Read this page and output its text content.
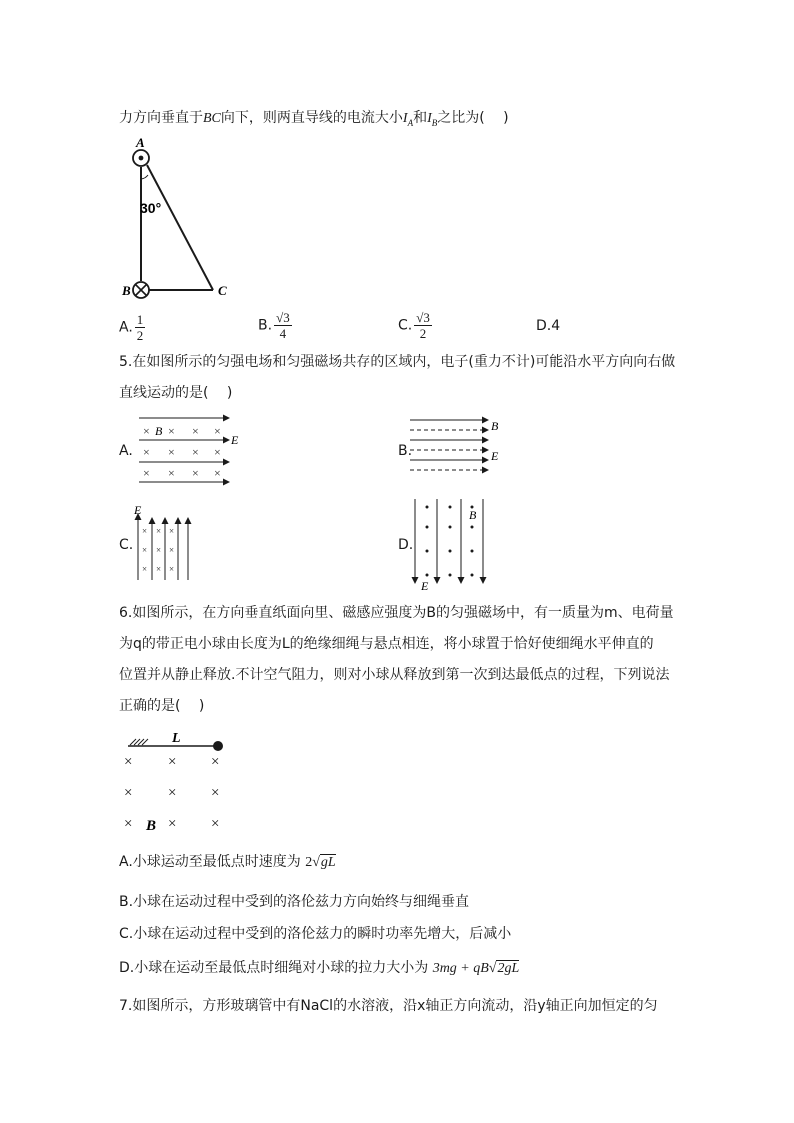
力方向垂直于BC向下，则两直导线的电流大小$I_A$和$I_B$之比为(　 )
A
B	C
30°
A. $\frac{1}{2}$	B. $\frac{√3}{4}$	C. $\frac{√3}{2}$	D.4
5.在如图所示的匀强电场和匀强磁场共存的区域内，电子(重力不计)可能沿水平方向向右做
直线运动的是(　 )
A.
× × × ×
× × × ×
× × × ×
B
E
B.
B
E
C.
× × ×
× × ×
× × ×
E
D.
B
E
6.如图所示，在方向垂直纸面向里、磁感应强度为B的匀强磁场中，有一质量为m、电荷量
为q的带正电小球由长度为L的绝缘细绳与悬点相连，将小球置于恰好使细绳水平伸直的
位置并从静止释放.不计空气阻力，则对小球从释放到第一次到达最低点的过程，下列说法
正确的是(　 )
L
× × ×
× × ×
× × ×
B
A.小球运动至最低点时速度为 2√gL
B.小球在运动过程中受到的洛伦兹力方向始终与细绳垂直
C.小球在运动过程中受到的洛伦兹力的瞬时功率先增大，后减小
D.小球在运动至最低点时细绳对小球的拉力大小为 3mg + qB√2gL
7.如图所示，方形玻璃管中有NaCl的水溶液，沿x轴正方向流动，沿y轴正向加恒定的匀
